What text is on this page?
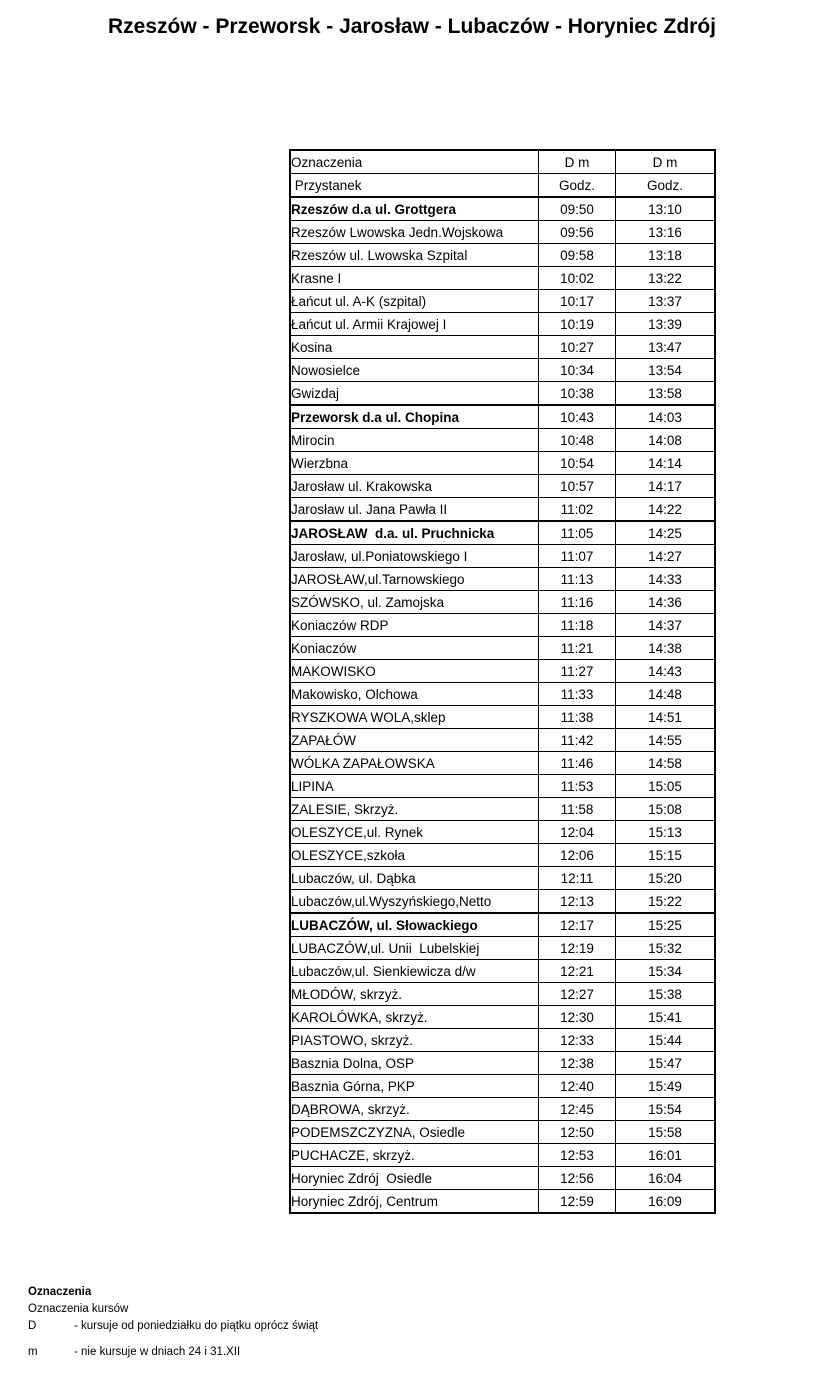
Rzeszów - Przeworsk - Jarosław - Lubaczów - Horyniec Zdrój
Oznaczenia	D m	D m
Przystanek	Godz.	Godz.
Rzeszów d.a ul. Grottgera	09:50	13:10
Rzeszów Lwowska Jedn.Wojskowa	09:56	13:16
Rzeszów ul. Lwowska Szpital	09:58	13:18
Krasne I	10:02	13:22
Łańcut ul. A-K (szpital)	10:17	13:37
Łańcut ul. Armii Krajowej I	10:19	13:39
Kosina	10:27	13:47
Nowosielce	10:34	13:54
Gwizdaj	10:38	13:58
Przeworsk d.a ul. Chopina	10:43	14:03
Mirocin	10:48	14:08
Wierzbna	10:54	14:14
Jarosław ul. Krakowska	10:57	14:17
Jarosław ul. Jana Pawła II	11:02	14:22
JAROSŁAW  d.a. ul. Pruchnicka	11:05	14:25
Jarosław, ul.Poniatowskiego I	11:07	14:27
JAROSŁAW,ul.Tarnowskiego	11:13	14:33
SZÓWSKO, ul. Zamojska	11:16	14:36
Koniaczów RDP	11:18	14:37
Koniaczów	11:21	14:38
MAKOWISKO	11:27	14:43
Makowisko, Olchowa	11:33	14:48
RYSZKOWA WOLA,sklep	11:38	14:51
ZAPAŁÓW	11:42	14:55
WÓLKA ZAPAŁOWSKA	11:46	14:58
LIPINA	11:53	15:05
ZALESIE, Skrzyż.	11:58	15:08
OLESZYCE,ul. Rynek	12:04	15:13
OLESZYCE,szkoła	12:06	15:15
Lubaczów, ul. Dąbka	12:11	15:20
Lubaczów,ul.Wyszyńskiego,Netto	12:13	15:22
LUBACZÓW, ul. Słowackiego	12:17	15:25
LUBACZÓW,ul. Unii  Lubelskiej	12:19	15:32
Lubaczów,ul. Sienkiewicza d/w	12:21	15:34
MŁODÓW, skrzyż.	12:27	15:38
KAROLÓWKA, skrzyż.	12:30	15:41
PIASTOWO, skrzyż.	12:33	15:44
Basznia Dolna, OSP	12:38	15:47
Basznia Górna, PKP	12:40	15:49
DĄBROWA, skrzyż.	12:45	15:54
PODEMSZCZYZNA, Osiedle	12:50	15:58
PUCHACZE, skrzyż.	12:53	16:01
Horyniec Zdrój  Osiedle	12:56	16:04
Horyniec Zdrój, Centrum	12:59	16:09
Oznaczenia
Oznaczenia kursów
D	- kursuje od poniedziałku do piątku oprócz świąt
m	- nie kursuje w dniach 24 i 31.XII
